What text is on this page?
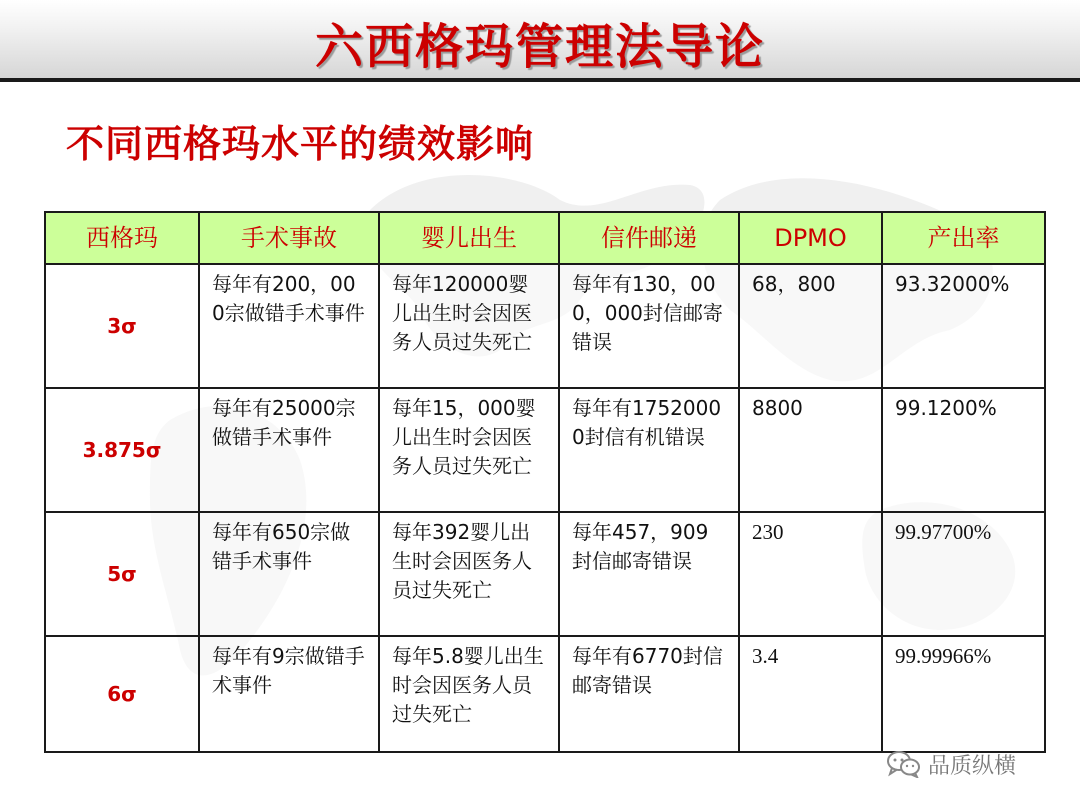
六西格玛管理法导论
不同西格玛水平的绩效影响
西格玛	手术事故	婴儿出生	信件邮递	DPMO	产出率
3σ	每年有200，000宗做错手术事件	每年120000婴儿出生时会因医务人员过失死亡	每年有130，000，000封信邮寄错误	68，800	93.32000%
3.875σ	每年有25000宗做错手术事件	每年15，000婴儿出生时会因医务人员过失死亡	每年有17520000封信有机错误	8800	99.1200%
5σ	每年有650宗做错手术事件	每年392婴儿出生时会因医务人员过失死亡	每年457，909封信邮寄错误	230	99.97700%
6σ	每年有9宗做错手术事件	每年5.8婴儿出生时会因医务人员过失死亡	每年有6770封信邮寄错误	3.4	99.99966%
品质纵横
